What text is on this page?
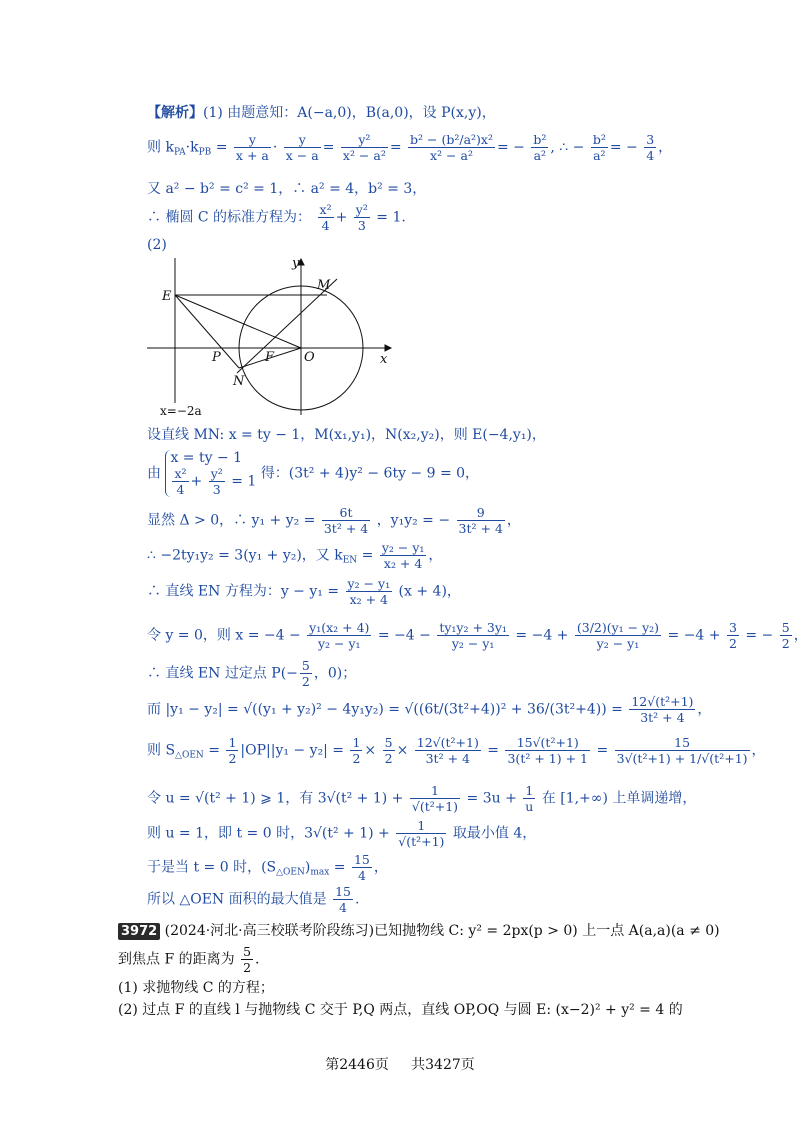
【解析】(1) 由题意知：A(−a,0)，B(a,0)，设 P(x,y)，
则 $k_{PA}\cdot k_{PB} = \frac{y}{x + a} \cdot \frac{y}{x - a} = \frac{\text{y²}}{\text{x² − a²}} = \frac{\text{b² − (b²/a²)x²}}{\text{x² − a²}}$ = − $\frac{\text{b²}}{\text{a²}}$ , ∴ − $\frac{\text{b²}}{\text{a²}}$ = − $\frac{3}{4}$ ，
又 a² − b² = c² = 1，∴ a² = 4，b² = 3，
∴ 椭圆 C 的标准方程为： $\frac{\text{x²}}{4} + \frac{\text{y²}}{3} = 1$.
(2)
y
x
E
M
P	F O
N
x=−2a
设直线 MN: x = ty − 1，M(x₁,y₁)，N(x₂,y₂)，则 E(−4,y₁)，
由
x = ty − 1
$\frac{\text{x²}}{4} + \frac{\text{y²}}{3} = 1$ 得：(3t² + 4)y² − 6ty − 9 = 0，
显然 Δ > 0，∴ $y_1 + y_2 = \frac{6t}{\text{3t² + 4}}$ ，y₁y₂ = − $\frac{9}{\text{3t² + 4}}$ ，
∴ −2ty₁y₂ = 3(y₁ + y₂)，又 $k_{EN} = \frac{\text{y₂ − y₁}}{\text{x₂ + 4}}$ ，
∴ 直线 EN 方程为：$y - y_1 = \frac{\text{y₂ − y₁}}{\text{x₂ + 4}} (x + 4)$，
令 y = 0，则 $x = -4 - \frac{\text{y₁(x₂ + 4)}}{\text{y₂ − y₁}} = -4 - \frac{\text{ty₁y₂ + 3y₁}}{\text{y₂ − y₁}} = -4 + \frac{\text{(3/2)(y₁ − y₂)}}{\text{y₂ − y₁}} = -4 + \frac{3}{2}$ = − $\frac{5}{2}$ ，
∴ 直线 EN 过定点 $P(- \frac{5}{2}$ ，0)；
而 $|y_1 - y_2| = √((y_1 + y_2)^2 - 4y_1y_2) = √((6t/(3t^2+4))^2 + 36/(3t^2+4)) = \frac{\text{12√(t²+1)}}{\text{3t² + 4}}$ ，
则 $S_{\triangle OEN} = \frac{1}{2} |OP||y_1 - y_2| = \frac{1}{2} \times \frac{5}{2} \times \frac{\text{12√(t²+1)}}{\text{3t² + 4}} = \frac{\text{15√(t²+1)}}{\text{3(t² + 1) + 1}} = \frac{15}{\text{3√(t²+1) + 1/√(t²+1)}}$ ，
令 u = √(t² + 1) ⩾ 1，有 $3√(t^2 + 1) + \frac{1}{\text{√(t²+1)}} = 3u + \frac{1}{u}$ 在 [1,+∞) 上单调递增，
则 u = 1，即 t = 0 时，$3√(t^2 + 1) + \frac{1}{\text{√(t²+1)}}$ 取最小值 4，
于是当 t = 0 时，$(S_{\triangle OEN})_{max} = \frac{15}{4}$ ，
所以 △OEN 面积的最大值是 $\frac{15}{4}$ .
3972 (2024·河北·高三校联考阶段练习)已知抛物线 C: y² = 2px(p > 0) 上一点 A(a,a)(a ≠ 0)
到焦点 F 的距离为 $\frac{5}{2}$ .
(1) 求抛物线 C 的方程；
(2) 过点 F 的直线 l 与抛物线 C 交于 P,Q 两点，直线 OP,OQ 与圆 E: (x−2)² + y² = 4 的
第2446页 共3427页
